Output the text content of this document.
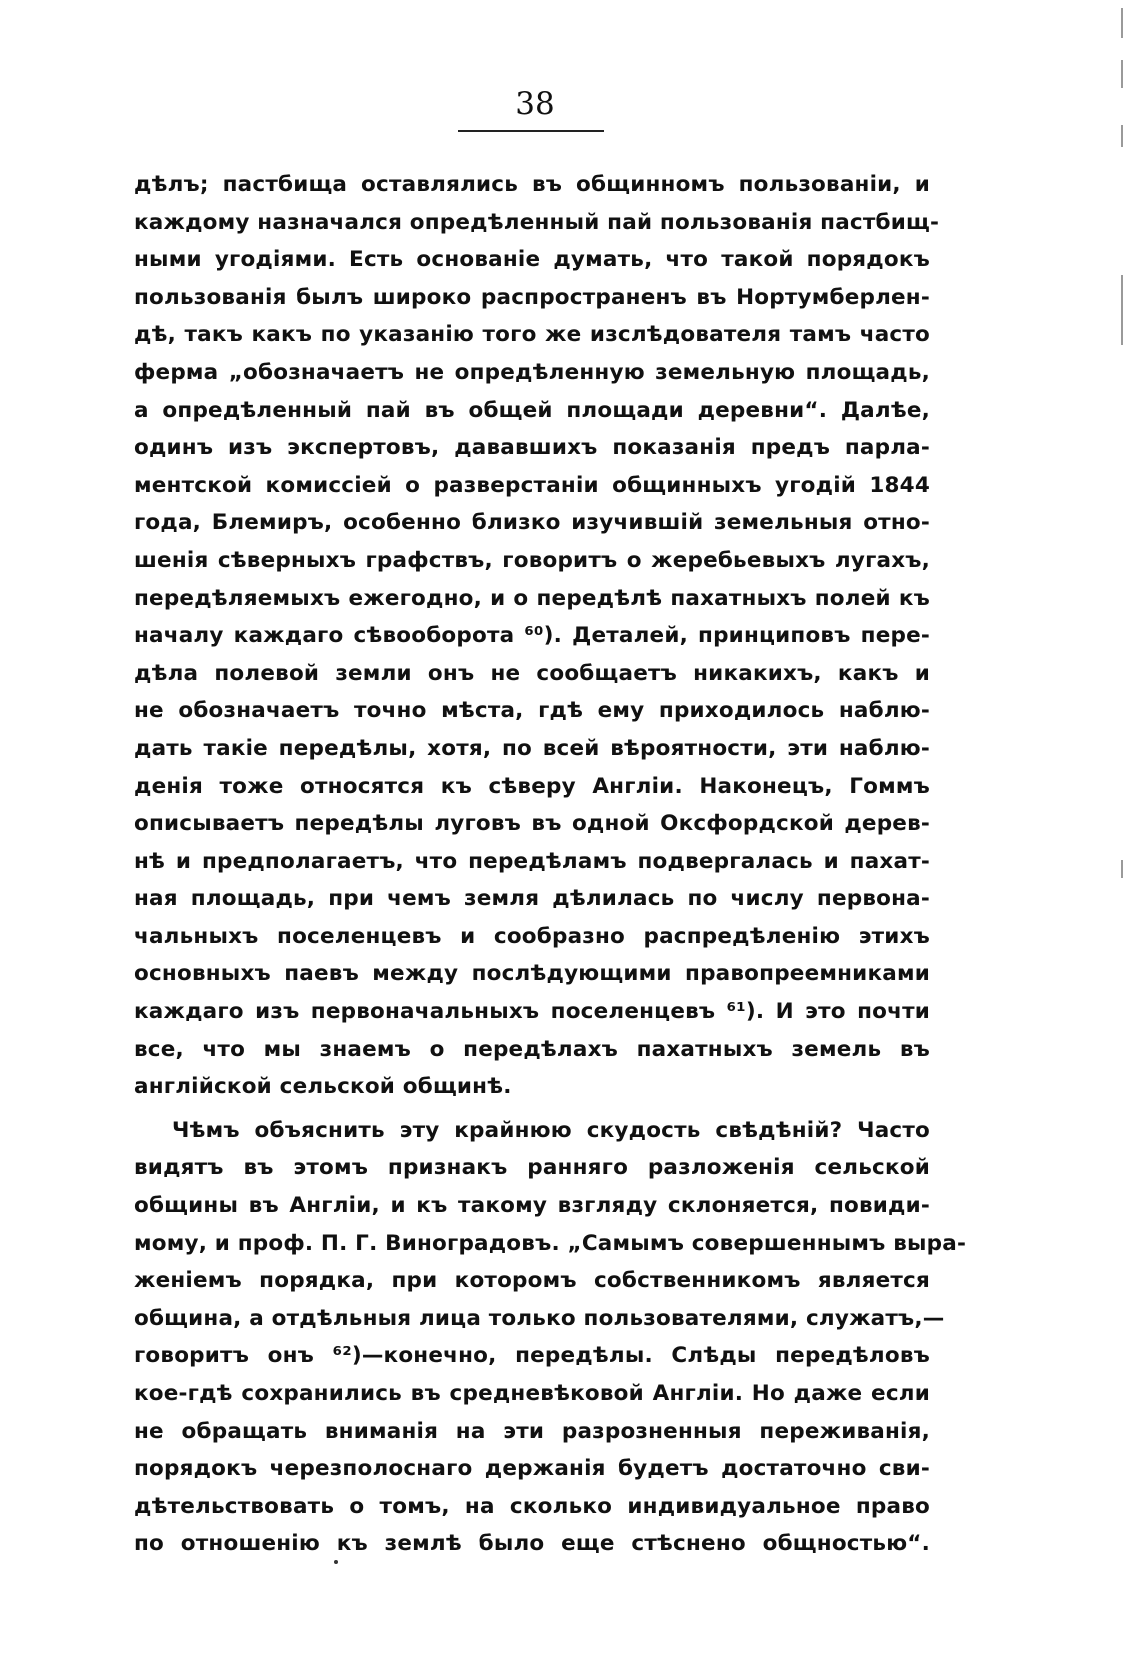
38
дѣлъ; пастбища оставлялись въ общинномъ пользованіи, и
каждому назначался опредѣленный пай пользованія пастбищ-
ными угодіями. Есть основаніе думать, что такой порядокъ
пользованія былъ широко распространенъ въ Нортумберлен-
дѣ, такъ какъ по указанію того же изслѣдователя тамъ часто
ферма „обозначаетъ не опредѣленную земельную площадь,
а опредѣленный пай въ общей площади деревни“. Далѣе,
одинъ изъ экспертовъ, дававшихъ показанія предъ парла-
ментской комиссіей о разверстаніи общинныхъ угодій 1844
года, Блемиръ, особенно близко изучившій земельныя отно-
шенія сѣверныхъ графствъ, говоритъ о жеребьевыхъ лугахъ,
передѣляемыхъ ежегодно, и о передѣлѣ пахатныхъ полей къ
началу каждаго сѣвооборота ⁶⁰). Деталей, принциповъ пере-
дѣла полевой земли онъ не сообщаетъ никакихъ, какъ и
не обозначаетъ точно мѣста, гдѣ ему приходилось наблю-
дать такіе передѣлы, хотя, по всей вѣроятности, эти наблю-
денія тоже относятся къ сѣверу Англіи. Наконецъ, Гоммъ
описываетъ передѣлы луговъ въ одной Оксфордской дерев-
нѣ и предполагаетъ, что передѣламъ подвергалась и пахат-
ная площадь, при чемъ земля дѣлилась по числу первона-
чальныхъ поселенцевъ и сообразно распредѣленію этихъ
основныхъ паевъ между послѣдующими правопреемниками
каждаго изъ первоначальныхъ поселенцевъ ⁶¹). И это почти
все, что мы знаемъ о передѣлахъ пахатныхъ земель въ
англійской сельской общинѣ.
Чѣмъ объяснить эту крайнюю скудость свѣдѣній? Часто
видятъ въ этомъ признакъ ранняго разложенія сельской
общины въ Англіи, и къ такому взгляду склоняется, повиди-
мому, и проф. П. Г. Виноградовъ. „Самымъ совершеннымъ выра-
женіемъ порядка, при которомъ собственникомъ является
община, а отдѣльныя лица только пользователями, служатъ,—
говоритъ онъ ⁶²)—конечно, передѣлы. Слѣды передѣловъ
кое-гдѣ сохранились въ средневѣковой Англіи. Но даже если
не обращать вниманія на эти разрозненныя переживанія,
порядокъ черезполоснаго держанія будетъ достаточно сви-
дѣтельствовать о томъ, на сколько индивидуальное право
по отношенію къ землѣ было еще стѣснено общностью“.
